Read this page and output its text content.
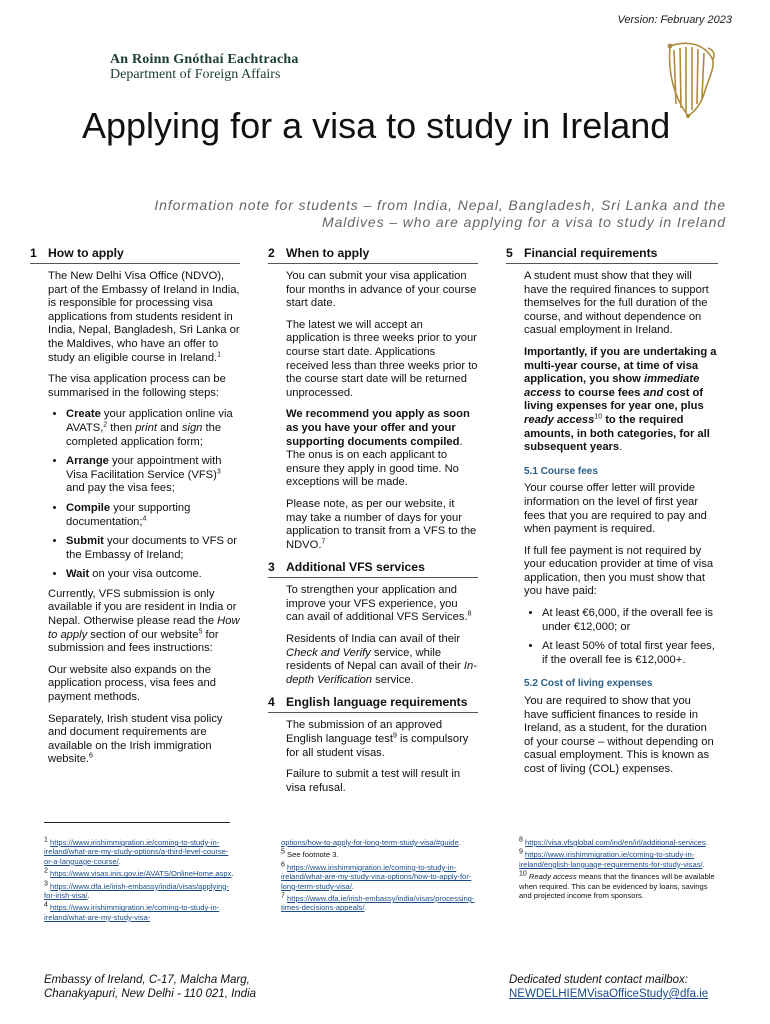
Version: February 2023
An Roinn Gnóthaí Eachtracha
Department of Foreign Affairs
Applying for a visa to study in Ireland
Information note for students – from India, Nepal, Bangladesh, Sri Lanka and the Maldives – who are applying for a visa to study in Ireland
1 How to apply
The New Delhi Visa Office (NDVO), part of the Embassy of Ireland in India, is responsible for processing visa applications from students resident in India, Nepal, Bangladesh, Sri Lanka or the Maldives, who have an offer to study an eligible course in Ireland.$^1$
The visa application process can be summarised in the following steps:
• Create your application online via AVATS,$^2$ then print and sign the completed application form;
• Arrange your appointment with Visa Facilitation Service (VFS)$^3$ and pay the visa fees;
• Compile your supporting documentation;$^4$
• Submit your documents to VFS or the Embassy of Ireland;
• Wait on your visa outcome.
Currently, VFS submission is only available if you are resident in India or Nepal. Otherwise please read the How to apply section of our website$^5$ for submission and fees instructions:
Our website also expands on the application process, visa fees and payment methods.
Separately, Irish student visa policy and document requirements are available on the Irish immigration website.$^6$
2 When to apply
You can submit your visa application four months in advance of your course start date.
The latest we will accept an application is three weeks prior to your course start date. Applications received less than three weeks prior to the course start date will be returned unprocessed.
We recommend you apply as soon as you have your offer and your supporting documents compiled. The onus is on each applicant to ensure they apply in good time. No exceptions will be made.
Please note, as per our website, it may take a number of days for your application to transit from a VFS to the NDVO.$^7$
3 Additional VFS services
To strengthen your application and improve your VFS experience, you can avail of additional VFS Services.$^8$
Residents of India can avail of their Check and Verify service, while residents of Nepal can avail of their In-depth Verification service.
4 English language requirements
The submission of an approved English language test$^9$ is compulsory for all student visas.
Failure to submit a test will result in visa refusal.
5 Financial requirements
A student must show that they will have the required finances to support themselves for the full duration of the course, and without dependence on casual employment in Ireland.
Importantly, if you are undertaking a multi-year course, at time of visa application, you show immediate access to course fees and cost of living expenses for year one, plus ready access$^{10}$ to the required amounts, in both categories, for all subsequent years.
5.1 Course fees
Your course offer letter will provide information on the level of first year fees that you are required to pay and when payment is required.
If full fee payment is not required by your education provider at time of visa application, then you must show that you have paid:
• At least €6,000, if the overall fee is under €12,000; or
• At least 50% of total first year fees, if the overall fee is €12,000+.
5.2 Cost of living expenses
You are required to show that you have sufficient finances to reside in Ireland, as a student, for the duration of your course – without depending on casual employment. This is known as cost of living (COL) expenses.
$^1$ https://www.irishimmigration.ie/coming-to-study-in-ireland/what-are-my-study-options/a-third-level-course-or-a-language-course/.
$^2$ https://www.visas.inis.gov.ie/AVATS/OnlineHome.aspx.
$^3$ https://www.dfa.ie/irish-embassy/india/visas/applying-for-irish-visa/.
$^4$ https://www.irishimmigration.ie/coming-to-study-in-ireland/what-are-my-study-visa-
options/how-to-apply-for-long-term-study-visa/#guide.
$^5$ See footnote 3.
$^6$ https://www.irishimmigration.ie/coming-to-study-in-ireland/what-are-my-study-visa-options/how-to-apply-for-long-term-study-visa/.
$^7$ https://www.dfa.ie/irish-embassy/india/visas/processing-times-decisions-appeals/.
$^8$ https://visa.vfsglobal.com/ind/en/irl/additional-services.
$^9$ https://www.irishimmigration.ie/coming-to-study-in-ireland/english-language-requirements-for-study-visas/.
$^{10}$ Ready access means that the finances will be available when required. This can be evidenced by loans, savings and projected income from sponsors.
Embassy of Ireland, C-17, Malcha Marg,
Chanakyapuri, New Delhi - 110 021, India
Dedicated student contact mailbox:
NEWDELHIEMVisaOfficeStudy@dfa.ie
